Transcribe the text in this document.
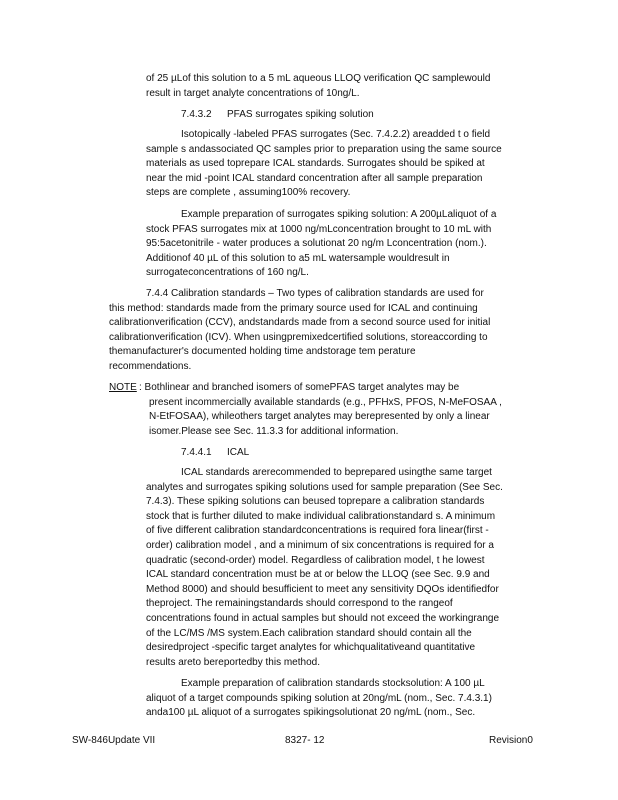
of 25 µLof this solution to a 5 mL aqueous LLOQ verification QC samplewould
result in target analyte concentrations of 10ng/L.

7.4.3.2 PFAS surrogates spiking solution

Isotopically -labeled PFAS surrogates (Sec. 7.4.2.2) areadded t o field
sample s andassociated QC samples prior to preparation using the same source
materials as used toprepare ICAL standards. Surrogates should be spiked at
near the mid -point ICAL standard concentration after all sample preparation
steps are complete , assuming100% recovery.

Example preparation of surrogates spiking solution: A 200µLaliquot of a
stock PFAS surrogates mix at 1000 ng/mLconcentration brought to 10 mL with
95:5acetonitrile - water produces a solutionat 20 ng/m Lconcentration (nom.).
Additionof 40 µL of this solution to a5 mL watersample wouldresult in
surrogateconcentrations of 160 ng/L.

7.4.4 Calibration standards – Two types of calibration standards are used for
this method: standards made from the primary source used for ICAL and continuing
calibrationverification (CCV), andstandards made from a second source used for initial
calibrationverification (ICV). When usingpremixedcertified solutions, storeaccording to
themanufacturer's documented holding time andstorage tem perature
recommendations.

NOTE : Bothlinear and branched isomers of somePFAS target analytes may be
present incommercially available standards (e.g., PFHxS, PFOS, N-MeFOSAA ,
N-EtFOSAA), whileothers target analytes may berepresented by only a linear
isomer.Please see Sec. 11.3.3 for additional information.

7.4.4.1 ICAL

ICAL standards arerecommended to beprepared usingthe same target
analytes and surrogates spiking solutions used for sample preparation (See Sec.
7.4.3). These spiking solutions can beused toprepare a calibration standards
stock that is further diluted to make individual calibrationstandard s. A minimum
of five different calibration standardconcentrations is required fora linear(first -
order) calibration model , and a minimum of six concentrations is required for a
quadratic (second-order) model. Regardless of calibration model, t he lowest
ICAL standard concentration must be at or below the LLOQ (see Sec. 9.9 and
Method 8000) and should besufficient to meet any sensitivity DQOs identifiedfor
theproject. The remainingstandards should correspond to the rangeof
concentrations found in actual samples but should not exceed the workingrange
of the LC/MS /MS system.Each calibration standard should contain all the
desiredproject -specific target analytes for whichqualitativeand quantitative
results areto bereportedby this method.

Example preparation of calibration standards stocksolution: A 100 µL
aliquot of a target compounds spiking solution at 20ng/mL (nom., Sec. 7.4.3.1)
anda100 µL aliquot of a surrogates spikingsolutionat 20 ng/mL (nom., Sec.

SW-846Update VII	8327- 12	Revision0
